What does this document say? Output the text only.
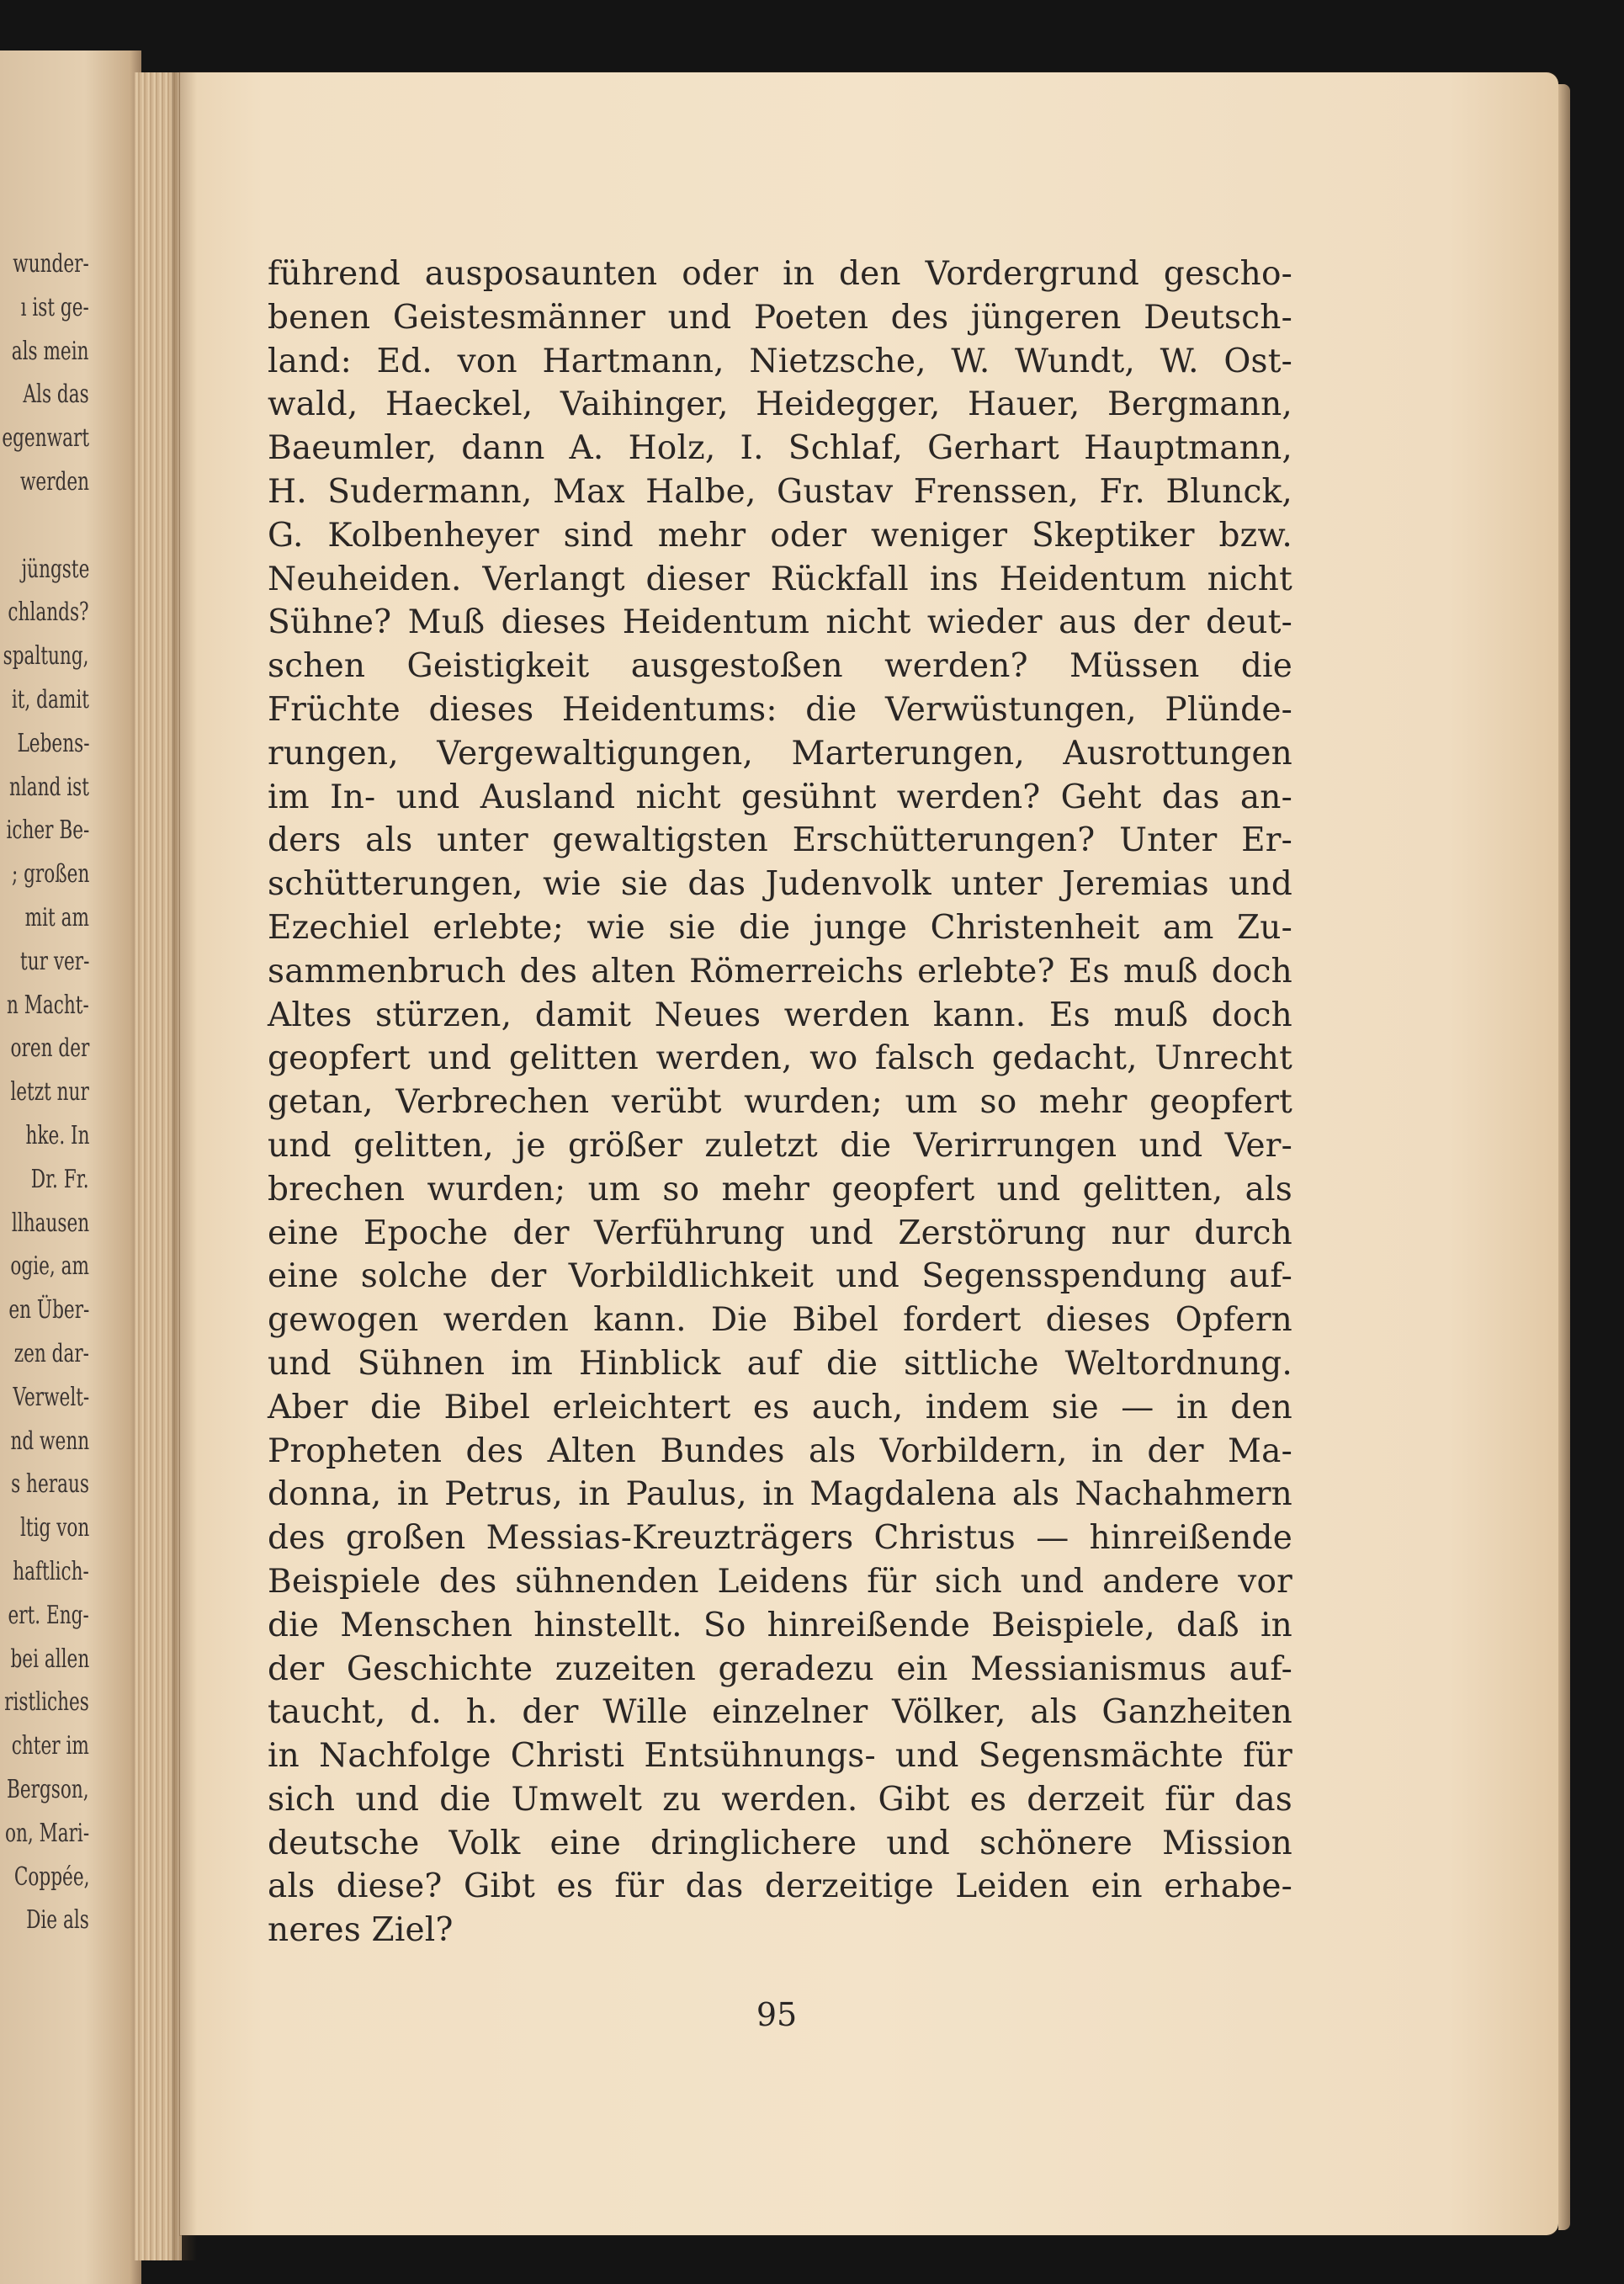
wunder-
ı ist ge-
als mein
Als das
egenwart
werden
jüngste
chlands?
spaltung,
it, damit
Lebens-
nland ist
icher Be-
; großen
mit am
tur ver-
n Macht-
oren der
letzt nur
hke. In
Dr. Fr.
llhausen
ogie, am
en Über-
zen dar-
Verwelt-
nd wenn
s heraus
ltig von
haftlich-
ert. Eng-
bei allen
ristliches
chter im
Bergson,
on, Mari-
Coppée,
Die als
führend ausposaunten oder in den Vordergrund gescho-
benen Geistesmänner und Poeten des jüngeren Deutsch-
land: Ed. von Hartmann, Nietzsche, W. Wundt, W. Ost-
wald, Haeckel, Vaihinger, Heidegger, Hauer, Bergmann,
Baeumler, dann A. Holz, I. Schlaf, Gerhart Hauptmann,
H. Sudermann, Max Halbe, Gustav Frenssen, Fr. Blunck,
G. Kolbenheyer sind mehr oder weniger Skeptiker bzw.
Neuheiden. Verlangt dieser Rückfall ins Heidentum nicht
Sühne? Muß dieses Heidentum nicht wieder aus der deut-
schen Geistigkeit ausgestoßen werden? Müssen die
Früchte dieses Heidentums: die Verwüstungen, Plünde-
rungen, Vergewaltigungen, Marterungen, Ausrottungen
im In- und Ausland nicht gesühnt werden? Geht das an-
ders als unter gewaltigsten Erschütterungen? Unter Er-
schütterungen, wie sie das Judenvolk unter Jeremias und
Ezechiel erlebte; wie sie die junge Christenheit am Zu-
sammenbruch des alten Römerreichs erlebte? Es muß doch
Altes stürzen, damit Neues werden kann. Es muß doch
geopfert und gelitten werden, wo falsch gedacht, Unrecht
getan, Verbrechen verübt wurden; um so mehr geopfert
und gelitten, je größer zuletzt die Verirrungen und Ver-
brechen wurden; um so mehr geopfert und gelitten, als
eine Epoche der Verführung und Zerstörung nur durch
eine solche der Vorbildlichkeit und Segensspendung auf-
gewogen werden kann. Die Bibel fordert dieses Opfern
und Sühnen im Hinblick auf die sittliche Weltordnung.
Aber die Bibel erleichtert es auch, indem sie — in den
Propheten des Alten Bundes als Vorbildern, in der Ma-
donna, in Petrus, in Paulus, in Magdalena als Nachahmern
des großen Messias-Kreuzträgers Christus — hinreißende
Beispiele des sühnenden Leidens für sich und andere vor
die Menschen hinstellt. So hinreißende Beispiele, daß in
der Geschichte zuzeiten geradezu ein Messianismus auf-
taucht, d. h. der Wille einzelner Völker, als Ganzheiten
in Nachfolge Christi Entsühnungs- und Segensmächte für
sich und die Umwelt zu werden. Gibt es derzeit für das
deutsche Volk eine dringlichere und schönere Mission
als diese? Gibt es für das derzeitige Leiden ein erhabe-
neres Ziel?
95
